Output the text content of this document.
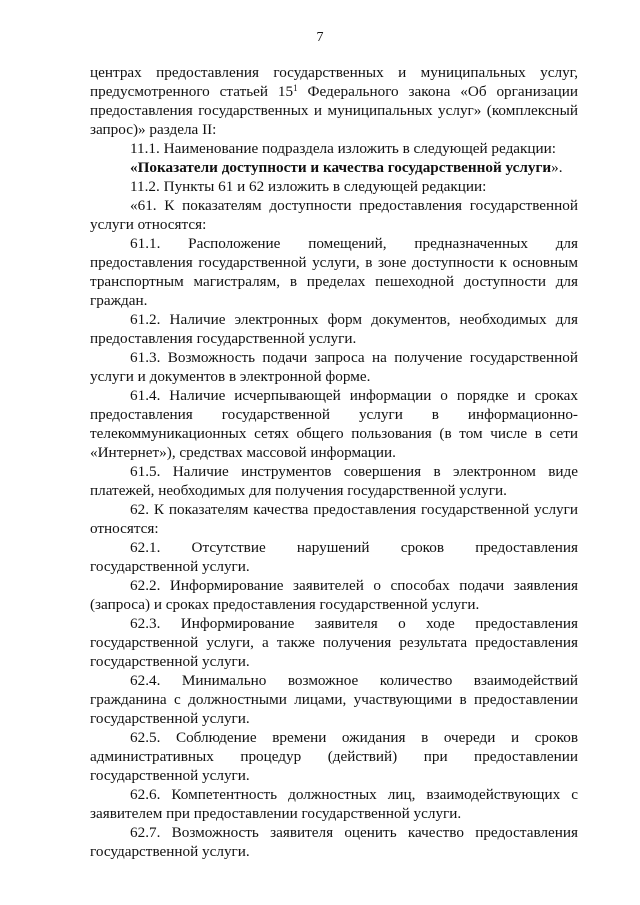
7

центрах предоставления государственных и муниципальных услуг, предусмотренного статьей $15^1$ Федерального закона «Об организации предоставления государственных и муниципальных услуг» (комплексный запрос)» раздела II:

11.1. Наименование подраздела изложить в следующей редакции:

«Показатели доступности и качества государственной услуги».

11.2. Пункты 61 и 62 изложить в следующей редакции:

«61. К показателям доступности предоставления государственной услуги относятся:

61.1. Расположение помещений, предназначенных для предоставления государственной услуги, в зоне доступности к основным транспортным магистралям, в пределах пешеходной доступности для граждан.

61.2. Наличие электронных форм документов, необходимых для предоставления государственной услуги.

61.3. Возможность подачи запроса на получение государственной услуги и документов в электронной форме.

61.4. Наличие исчерпывающей информации о порядке и сроках предоставления государственной услуги в информационно-телекоммуникационных сетях общего пользования (в том числе в сети «Интернет»), средствах массовой информации.

61.5. Наличие инструментов совершения в электронном виде платежей, необходимых для получения государственной услуги.

62. К показателям качества предоставления государственной услуги относятся:

62.1. Отсутствие нарушений сроков предоставления государственной услуги.

62.2. Информирование заявителей о способах подачи заявления (запроса) и сроках предоставления государственной услуги.

62.3. Информирование заявителя о ходе предоставления государственной услуги, а также получения результата предоставления государственной услуги.

62.4. Минимально возможное количество взаимодействий гражданина с должностными лицами, участвующими в предоставлении государственной услуги.

62.5. Соблюдение времени ожидания в очереди и сроков административных процедур (действий) при предоставлении государственной услуги.

62.6. Компетентность должностных лиц, взаимодействующих с заявителем при предоставлении государственной услуги.

62.7. Возможность заявителя оценить качество предоставления государственной услуги.
